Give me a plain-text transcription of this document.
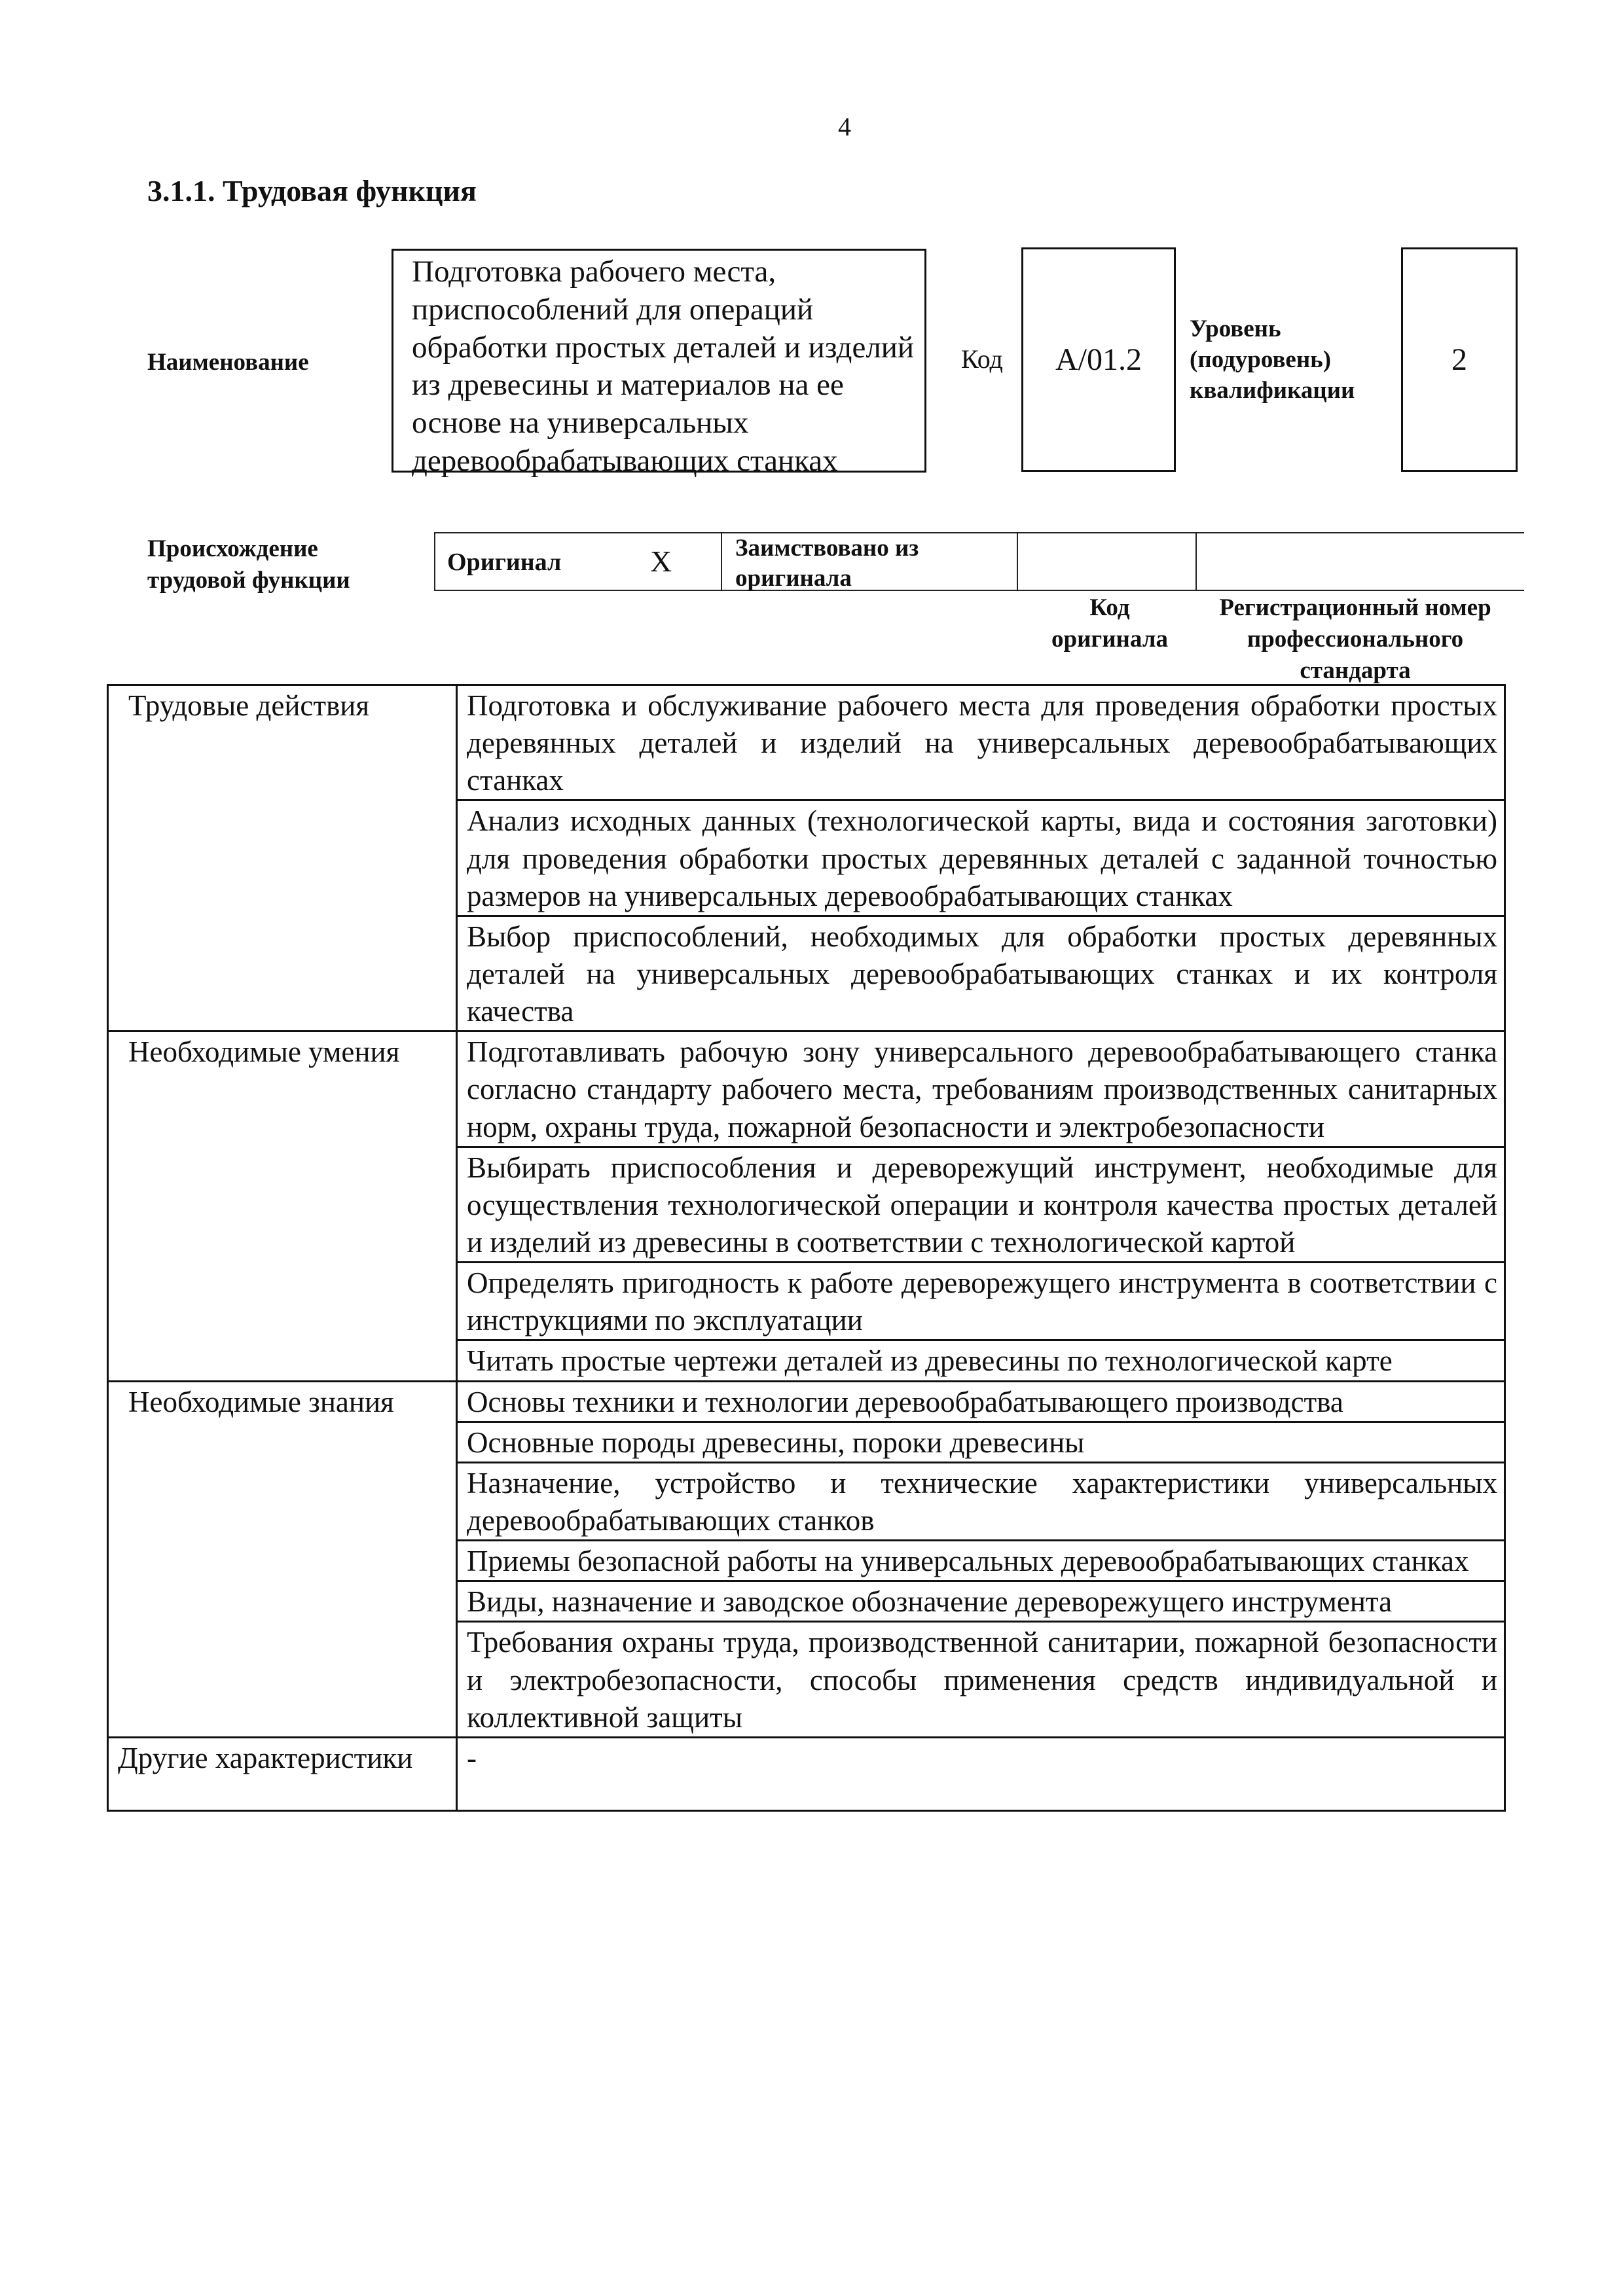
4
3.1.1. Трудовая функция
Наименование
Подготовка рабочего места, приспособлений для операций обработки простых деталей и изделий из древесины и материалов на ее основе на универсальных деревообрабатывающих станках
Код A/01.2
Уровень (подуровень) квалификации
2
Происхождение трудовой функции
Оригинал	X	Заимствовано из оригинала
Код оригинала
Регистрационный номер профессионального стандарта
Трудовые действия	Подготовка и обслуживание рабочего места для проведения обработки простых деревянных деталей и изделий на универсальных деревообрабатывающих станках
	Анализ исходных данных (технологической карты, вида и состояния заготовки) для проведения обработки простых деревянных деталей с заданной точностью размеров на универсальных деревообрабатывающих станках
	Выбор приспособлений, необходимых для обработки простых деревянных деталей на универсальных деревообрабатывающих станках и их контроля качества
Необходимые умения	Подготавливать рабочую зону универсального деревообрабатывающего станка согласно стандарту рабочего места, требованиям производственных санитарных норм, охраны труда, пожарной безопасности и электробезопасности
	Выбирать приспособления и дереворежущий инструмент, необходимые для осуществления технологической операции и контроля качества простых деталей и изделий из древесины в соответствии с технологической картой
	Определять пригодность к работе дереворежущего инструмента в соответствии с инструкциями по эксплуатации
	Читать простые чертежи деталей из древесины по технологической карте
Необходимые знания	Основы техники и технологии деревообрабатывающего производства
	Основные породы древесины, пороки древесины
	Назначение, устройство и технические характеристики универсальных деревообрабатывающих станков
	Приемы безопасной работы на универсальных деревообрабатывающих станках
	Виды, назначение и заводское обозначение дереворежущего инструмента
	Требования охраны труда, производственной санитарии, пожарной безопасности и электробезопасности, способы применения средств индивидуальной и коллективной защиты
Другие характеристики	-
